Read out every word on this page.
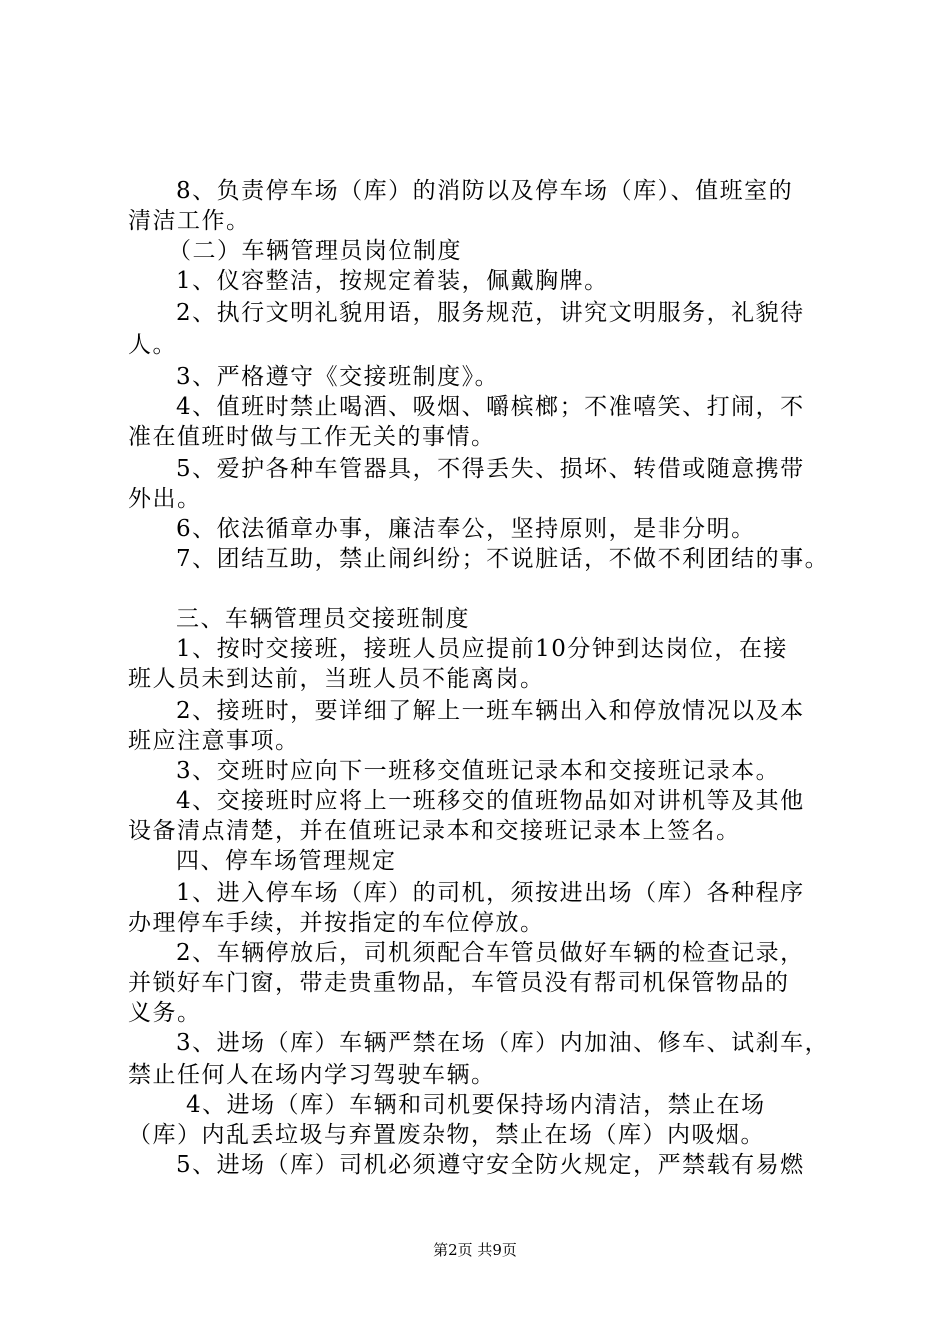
8、负责停车场（库）的消防以及停车场（库）、值班室的

清洁工作。

（二）车辆管理员岗位制度

1、仪容整洁，按规定着装，佩戴胸牌。

2、执行文明礼貌用语，服务规范，讲究文明服务，礼貌待

人。

3、严格遵守《交接班制度》。

4、值班时禁止喝酒、吸烟、嚼槟榔；不准嘻笑、打闹，不

准在值班时做与工作无关的事情。

5、爱护各种车管器具，不得丢失、损坏、转借或随意携带

外出。

6、依法循章办事，廉洁奉公，坚持原则，是非分明。

7、团结互助，禁止闹纠纷；不说脏话，不做不利团结的事。

三、车辆管理员交接班制度

1、按时交接班，接班人员应提前10分钟到达岗位，在接

班人员未到达前，当班人员不能离岗。

2、接班时，要详细了解上一班车辆出入和停放情况以及本

班应注意事项。

3、交班时应向下一班移交值班记录本和交接班记录本。

4、交接班时应将上一班移交的值班物品如对讲机等及其他

设备清点清楚，并在值班记录本和交接班记录本上签名。

四、停车场管理规定

1、进入停车场（库）的司机，须按进出场（库）各种程序

办理停车手续，并按指定的车位停放。

2、车辆停放后，司机须配合车管员做好车辆的检查记录，

并锁好车门窗，带走贵重物品，车管员没有帮司机保管物品的

义务。

3、进场（库）车辆严禁在场（库）内加油、修车、试刹车，

禁止任何人在场内学习驾驶车辆。

4、进场（库）车辆和司机要保持场内清洁，禁止在场

（库）内乱丢垃圾与弃置废杂物，禁止在场（库）内吸烟。

5、进场（库）司机必须遵守安全防火规定，严禁载有易燃

第2页 共9页
